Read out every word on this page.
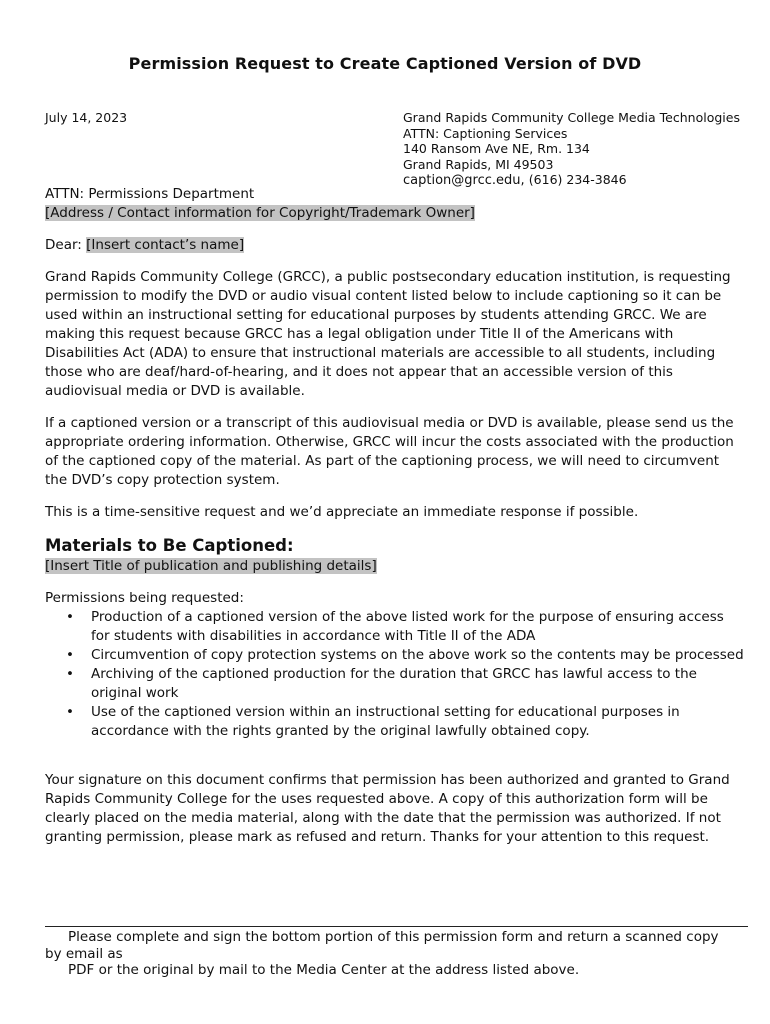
Permission Request to Create Captioned Version of DVD
July 14, 2023	Grand Rapids Community College Media Technologies
ATTN: Captioning Services
140 Ransom Ave NE, Rm. 134
Grand Rapids, MI 49503
caption@grcc.edu, (616) 234-3846
ATTN: Permissions Department
[Address / Contact information for Copyright/Trademark Owner]
Dear: [Insert contact’s name]
Grand Rapids Community College (GRCC), a public postsecondary education institution, is requesting permission to modify the DVD or audio visual content listed below to include captioning so it can be used within an instructional setting for educational purposes by students attending GRCC. We are making this request because GRCC has a legal obligation under Title II of the Americans with Disabilities Act (ADA) to ensure that instructional materials are accessible to all students, including those who are deaf/hard-of-hearing, and it does not appear that an accessible version of this audiovisual media or DVD is available.
If a captioned version or a transcript of this audiovisual media or DVD is available, please send us the appropriate ordering information. Otherwise, GRCC will incur the costs associated with the production of the captioned copy of the material. As part of the captioning process, we will need to circumvent the DVD’s copy protection system.
This is a time-sensitive request and we’d appreciate an immediate response if possible.
Materials to Be Captioned:
[Insert Title of publication and publishing details]
Permissions being requested:
• Production of a captioned version of the above listed work for the purpose of ensuring access for students with disabilities in accordance with Title II of the ADA
• Circumvention of copy protection systems on the above work so the contents may be processed
• Archiving of the captioned production for the duration that GRCC has lawful access to the original work
• Use of the captioned version within an instructional setting for educational purposes in accordance with the rights granted by the original lawfully obtained copy.
Your signature on this document confirms that permission has been authorized and granted to Grand Rapids Community College for the uses requested above. A copy of this authorization form will be clearly placed on the media material, along with the date that the permission was authorized. If not granting permission, please mark as refused and return. Thanks for your attention to this request.
Please complete and sign the bottom portion of this permission form and return a scanned copy
by email as
PDF or the original by mail to the Media Center at the address listed above.
